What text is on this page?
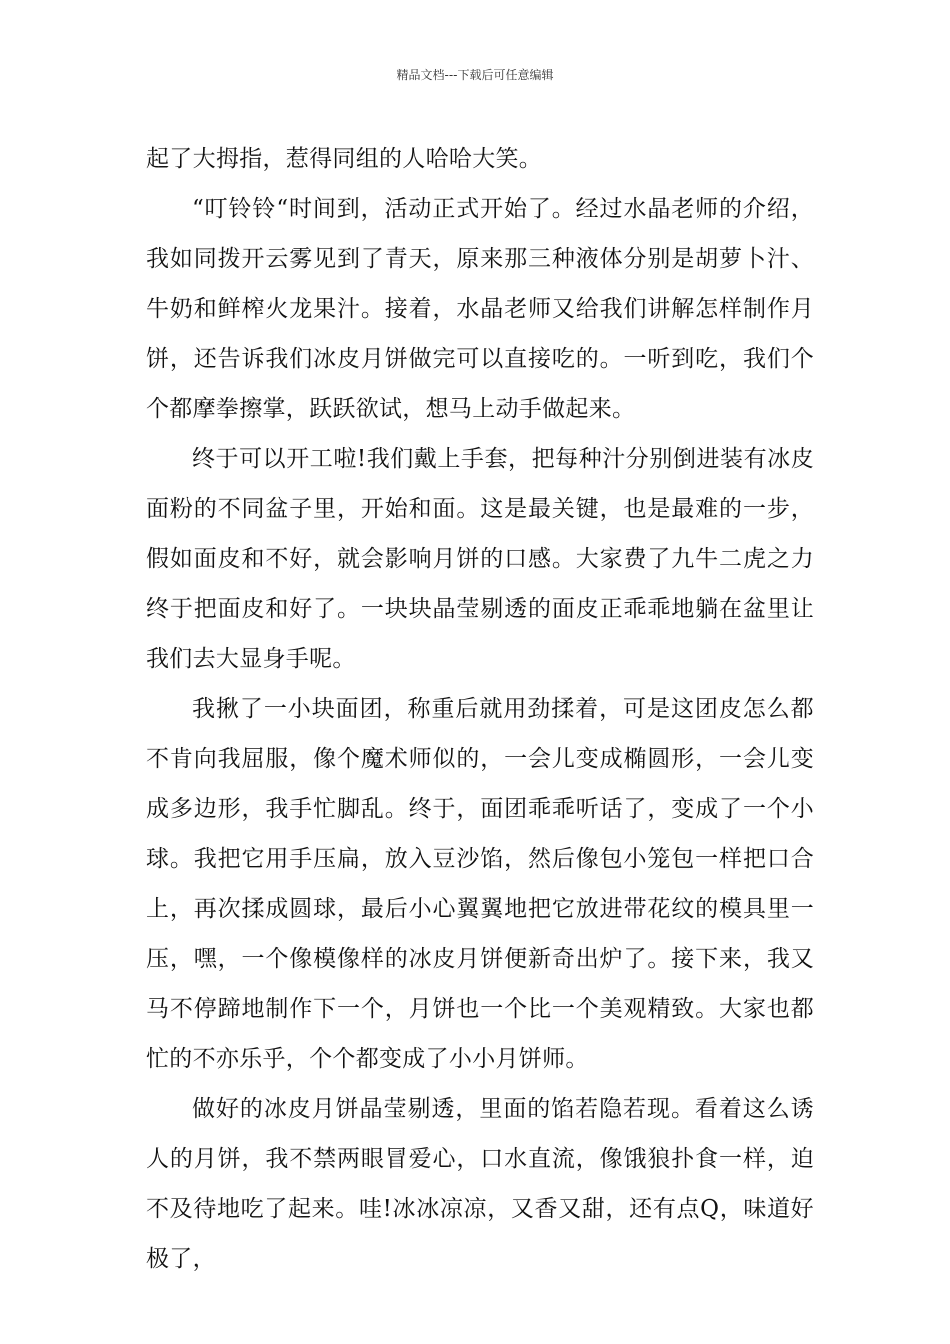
精品文档---下载后可任意编辑

起了大拇指，惹得同组的人哈哈大笑。

“叮铃铃“时间到，活动正式开始了。经过水晶老师的介绍，我如同拨开云雾见到了青天，原来那三种液体分别是胡萝卜汁、牛奶和鲜榨火龙果汁。接着，水晶老师又给我们讲解怎样制作月饼，还告诉我们冰皮月饼做完可以直接吃的。一听到吃，我们个个都摩拳擦掌，跃跃欲试，想马上动手做起来。

终于可以开工啦!我们戴上手套，把每种汁分别倒进装有冰皮面粉的不同盆子里，开始和面。这是最关键，也是最难的一步，假如面皮和不好，就会影响月饼的口感。大家费了九牛二虎之力终于把面皮和好了。一块块晶莹剔透的面皮正乖乖地躺在盆里让我们去大显身手呢。

我揪了一小块面团，称重后就用劲揉着，可是这团皮怎么都不肯向我屈服，像个魔术师似的，一会儿变成椭圆形，一会儿变成多边形，我手忙脚乱。终于，面团乖乖听话了，变成了一个小球。我把它用手压扁，放入豆沙馅，然后像包小笼包一样把口合上，再次揉成圆球，最后小心翼翼地把它放进带花纹的模具里一压，嘿，一个像模像样的冰皮月饼便新奇出炉了。接下来，我又马不停蹄地制作下一个，月饼也一个比一个美观精致。大家也都忙的不亦乐乎，个个都变成了小小月饼师。

做好的冰皮月饼晶莹剔透，里面的馅若隐若现。看着这么诱人的月饼，我不禁两眼冒爱心，口水直流，像饿狼扑食一样，迫不及待地吃了起来。哇!冰冰凉凉，又香又甜，还有点Q，味道好极了，
